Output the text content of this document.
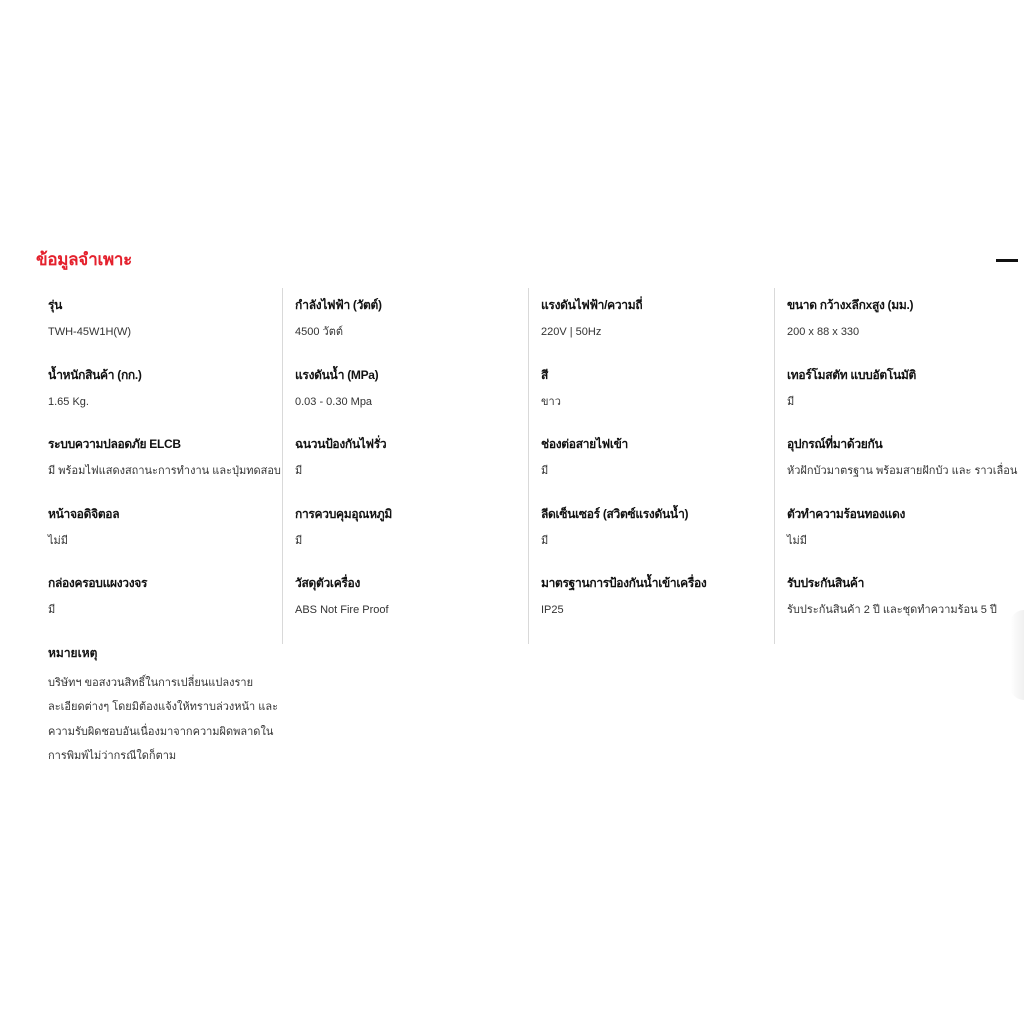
ข้อมูลจำเพาะ
รุ่น
TWH-45W1H(W)
น้ำหนักสินค้า (กก.)
1.65 Kg.
ระบบความปลอดภัย ELCB
มี พร้อมไฟแสดงสถานะการทำงาน และปุ่มทดสอบ
หน้าจอดิจิตอล
ไม่มี
กล่องครอบแผงวงจร
มี
หมายเหตุ
บริษัทฯ ขอสงวนสิทธิ์ในการเปลี่ยนแปลงรายละเอียดต่างๆ โดยมิต้องแจ้งให้ทราบล่วงหน้า และความรับผิดชอบอันเนื่องมาจากความผิดพลาดในการพิมพ์ไม่ว่ากรณีใดก็ตาม
กำลังไฟฟ้า (วัตต์)
4500 วัตต์
แรงดันน้ำ (MPa)
0.03 - 0.30 Mpa
ฉนวนป้องกันไฟรั่ว
มี
การควบคุมอุณหภูมิ
มี
วัสดุตัวเครื่อง
ABS Not Fire Proof
แรงดันไฟฟ้า/ความถี่
220V | 50Hz
สี
ขาว
ช่องต่อสายไฟเข้า
มี
ลีดเซ็นเซอร์ (สวิตซ์แรงดันน้ำ)
มี
มาตรฐานการป้องกันน้ำเข้าเครื่อง
IP25
ขนาด กว้างxลึกxสูง (มม.)
200 x 88 x 330
เทอร์โมสตัท แบบอัตโนมัติ
มี
อุปกรณ์ที่มาด้วยกัน
หัวฝักบัวมาตรฐาน พร้อมสายฝักบัว และ ราวเลื่อน
ตัวทำความร้อนทองแดง
ไม่มี
รับประกันสินค้า
รับประกันสินค้า 2 ปี และชุดทำความร้อน 5 ปี
